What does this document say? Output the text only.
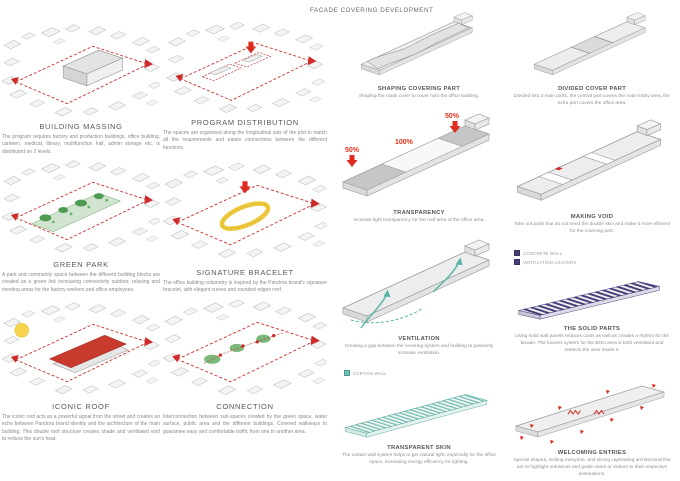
BUILDING MASSING

The program requires factory and production buildings, office building, canteen, medical, library, multifunction hall, admin storage etc. is distributed on 2 levels.

PROGRAM DISTRIBUTION

The spaces are organized along the longitudinal axis of the plot to match all the requirements and eases connections between the different functions.

GREEN PARK

A park and community space between the different building blocks are created as a green link increasing connectivity outdoor, relaxing and meeting areas for the factory workers and office employees.

SIGNATURE BRACELET

The office building volumetry is inspired by the Pandora brand's signature bracelet, with elegant curves and rounded edges roof.

ICONIC ROOF

The iconic roof acts as a powerful signal from the street and creates an echo between Pandora brand identity and the architecture of the main building. This double roof structure creates shade and ventilated void to reduce the sun's heat.

CONNECTION

Interconnection between sub-spaces created by the green space, water surface, public area and the different buildings. Covered walkways to guarantee easy and comfortable traffic from one to another area.

FACADE COVERING DEVELOPMENT
SHAPING COVERING PART

Shaping the mask cover to cover hold the office building.

DIVIDED COVER PART

Divided into 3 main parts, the central part covers the main lobby area, the extra part covers the office area.

50%
100%
50%
TRANSPARENCY

Increase light transparency for the roof area of the office area.

MAKING VOID

Take out parts that do not need the double skin and make it more efficient for the covering part.

VENTILATION

Creating a gap between the covering system and building to passively increase ventilation.

CONCRETE WALL
VENTILATION LOUVERS
THE SOLID PARTS

Using solid wall panels reduces costs as well as creates a rhythm for the facade. The louvers system for the BOH area is both ventilated and restricts the view inside it.

CURTAIN WALL
TRANSPARENT SKIN

The curtain wall system helps to get natural light, especially for the office space, increasing energy efficiency for lighting.

WELCOMING ENTRIES

Special shapes, inviting everyone, and strong captivating architectural fins are to highlight entrances and guide users or visitors to their respective destinations.
